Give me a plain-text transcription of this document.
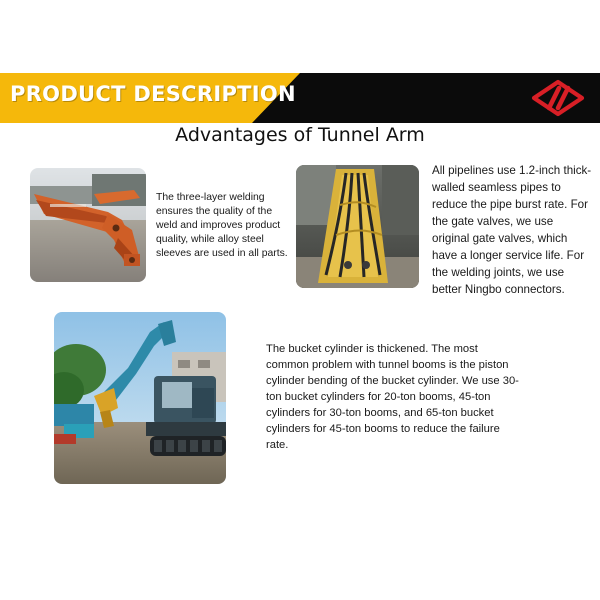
PRODUCT DESCRIPTION
Advantages of Tunnel Arm
The three-layer welding ensures the quality of the weld and improves product quality, while alloy steel sleeves are used in all parts.
All pipelines use 1.2-inch thick-walled seamless pipes to reduce the pipe burst rate. For the gate valves, we use original gate valves, which have a longer service life. For the welding joints, we use better Ningbo connectors.
The bucket cylinder is thickened. The most common problem with tunnel booms is the piston cylinder bending of the bucket cylinder. We use 30-ton bucket cylinders for 20-ton booms, 45-ton cylinders for 30-ton booms, and 65-ton bucket cylinders for 45-ton booms to reduce the failure rate.
